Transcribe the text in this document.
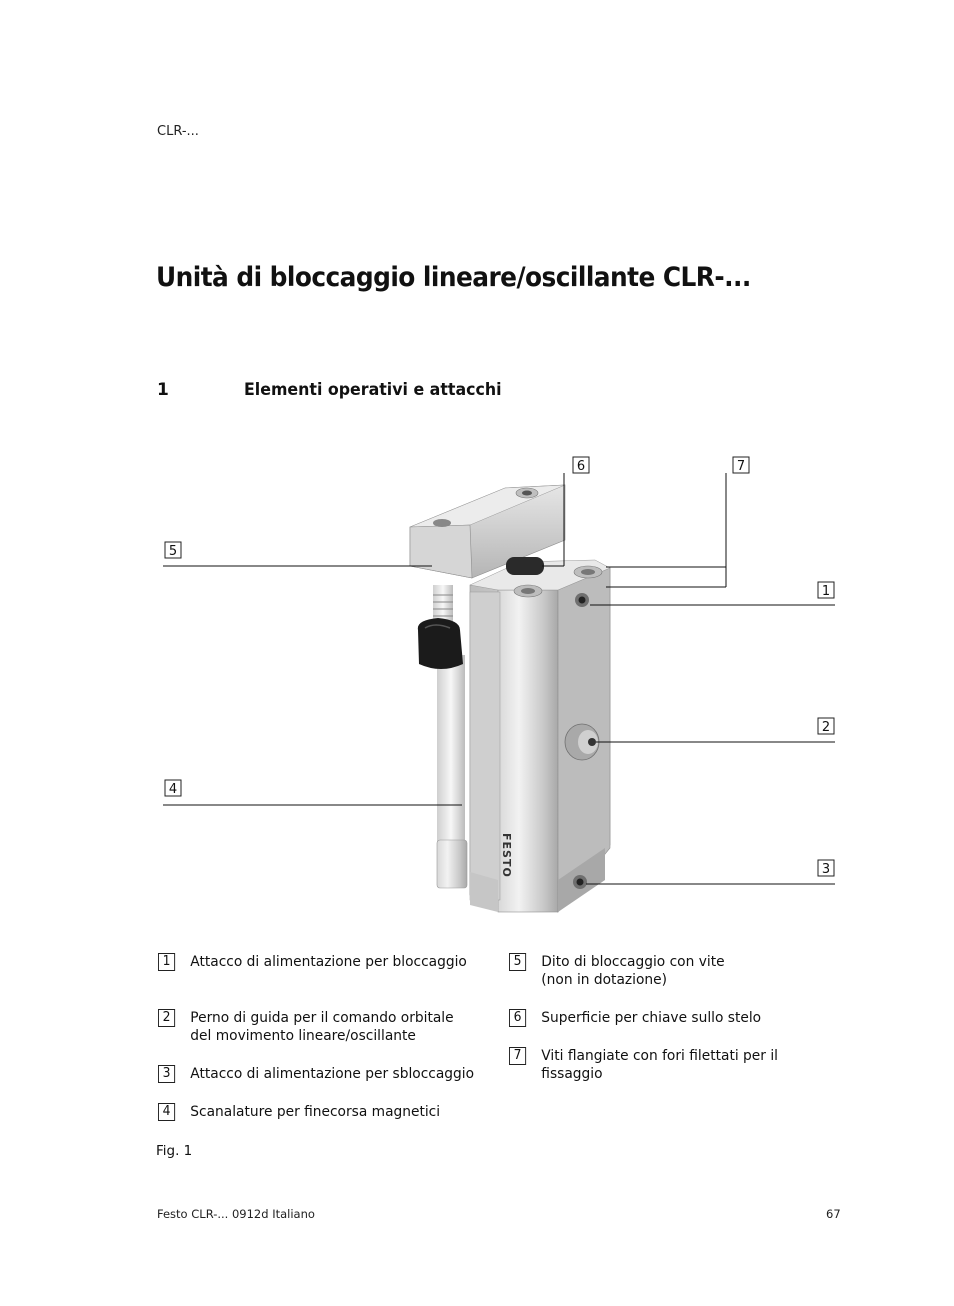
CLR-...
Unità di bloccaggio lineare/oscillante CLR-...
1	Elementi operativi e attacchi
FESTO
6	7
5
1
2
4
3
1	Attacco di alimentazione per bloccaggio
2	Perno di guida per il comando orbitale del movimento lineare/oscillante
3	Attacco di alimentazione per sbloccaggio
4	Scanalature per finecorsa magnetici
5	Dito di bloccaggio con vite (non in dotazione)
6	Superficie per chiave sullo stelo
7	Viti flangiate con fori filettati per il fissaggio
Fig. 1
Festo CLR-... 0912d Italiano	67
